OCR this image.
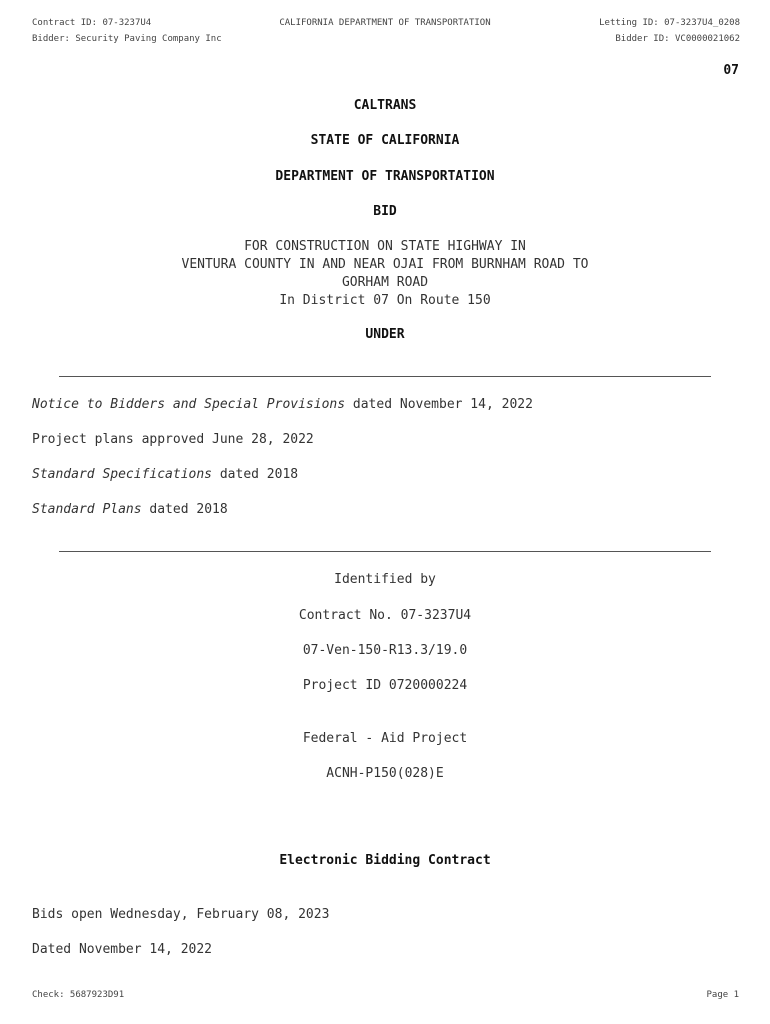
Contract ID: 07-3237U4	CALIFORNIA DEPARTMENT OF TRANSPORTATION	Letting ID: 07-3237U4_0208
Bidder: Security Paving Company Inc	Bidder ID: VC0000021062
07
CALTRANS
STATE OF CALIFORNIA
DEPARTMENT OF TRANSPORTATION
BID
FOR CONSTRUCTION ON STATE HIGHWAY IN
VENTURA COUNTY IN AND NEAR OJAI FROM BURNHAM ROAD TO
GORHAM ROAD
In District 07 On Route 150
UNDER
Notice to Bidders and Special Provisions dated November 14, 2022
Project plans approved June 28, 2022
Standard Specifications dated 2018
Standard Plans dated 2018
Identified by
Contract No. 07-3237U4
07-Ven-150-R13.3/19.0
Project ID 0720000224
Federal - Aid Project
ACNH-P150(028)E
Electronic Bidding Contract
Bids open Wednesday, February 08, 2023
Dated November 14, 2022
Check: 5687923D91	Page 1
